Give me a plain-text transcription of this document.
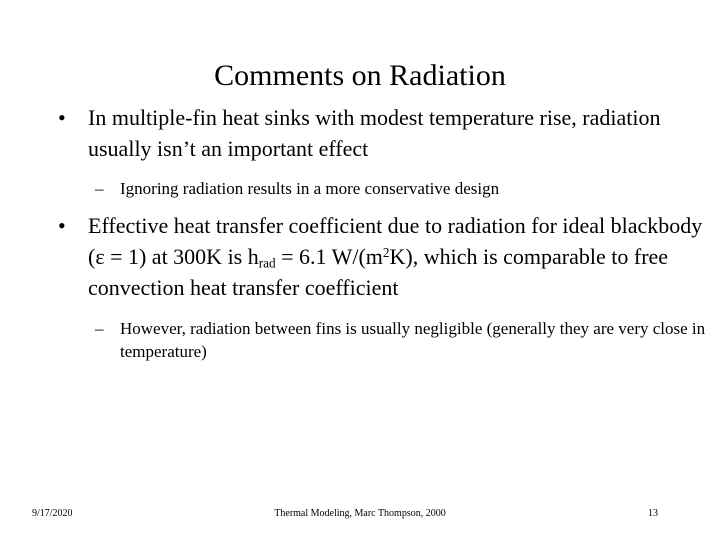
Comments on Radiation
• In multiple-fin heat sinks with modest temperature rise, radiation usually isn’t an important effect
– Ignoring radiation results in a more conservative design
• Effective heat transfer coefficient due to radiation for ideal blackbody (ε = 1) at 300K is $h_{rad} = 6.1$ $W/(m^2K)$, which is comparable to free convection heat transfer coefficient
– However, radiation between fins is usually negligible (generally they are very close in temperature)
9/17/2020	Thermal Modeling, Marc Thompson, 2000	13
